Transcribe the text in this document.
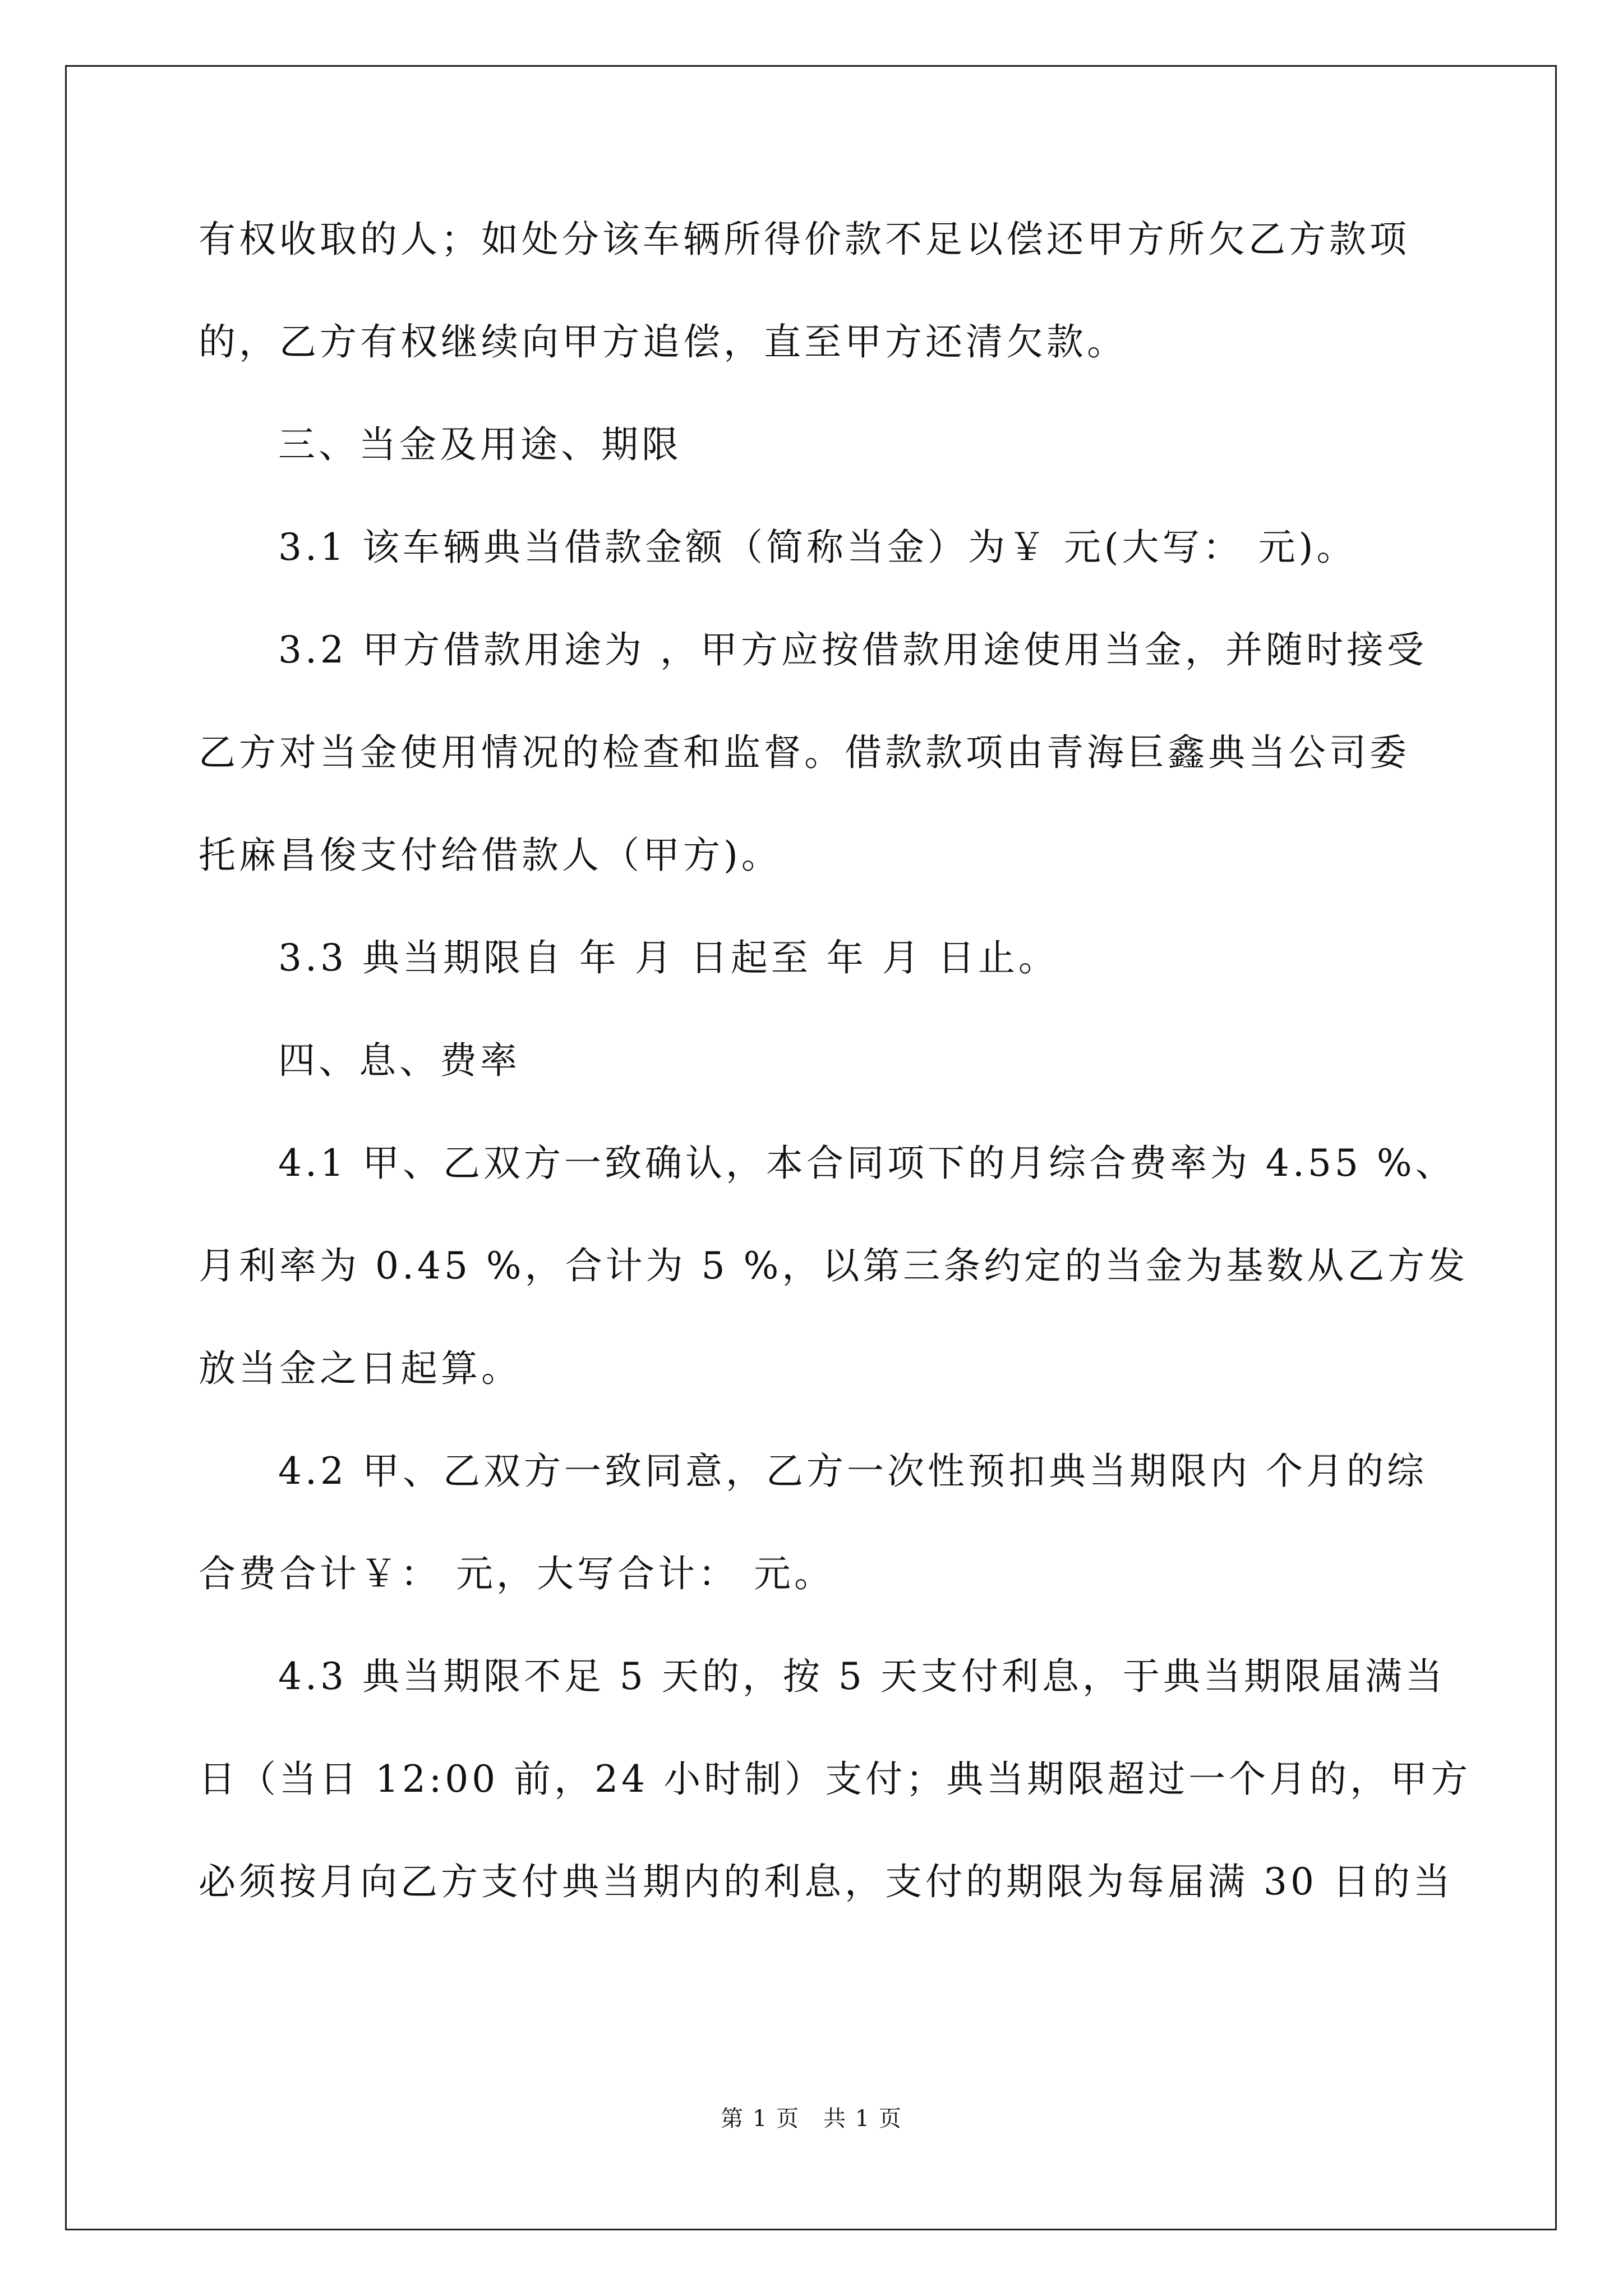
有权收取的人；如处分该车辆所得价款不足以偿还甲方所欠乙方款项
的，乙方有权继续向甲方追偿，直至甲方还清欠款。
三、当金及用途、期限
3.1 该车辆典当借款金额（简称当金）为￥ 元(大写： 元)。
3.2 甲方借款用途为 ，甲方应按借款用途使用当金，并随时接受
乙方对当金使用情况的检查和监督。借款款项由青海巨鑫典当公司委
托麻昌俊支付给借款人（甲方)。
3.3 典当期限自 年 月 日起至 年 月 日止。
四、息、费率
4.1 甲、乙双方一致确认，本合同项下的月综合费率为 4.55 %、
月利率为 0.45 %，合计为 5 %，以第三条约定的当金为基数从乙方发
放当金之日起算。
4.2 甲、乙双方一致同意，乙方一次性预扣典当期限内 个月的综
合费合计￥： 元，大写合计： 元。
4.3 典当期限不足 5 天的，按 5 天支付利息，于典当期限届满当
日（当日 12:00 前，24 小时制）支付；典当期限超过一个月的，甲方
必须按月向乙方支付典当期内的利息，支付的期限为每届满 30 日的当
第 1 页　共 1 页
